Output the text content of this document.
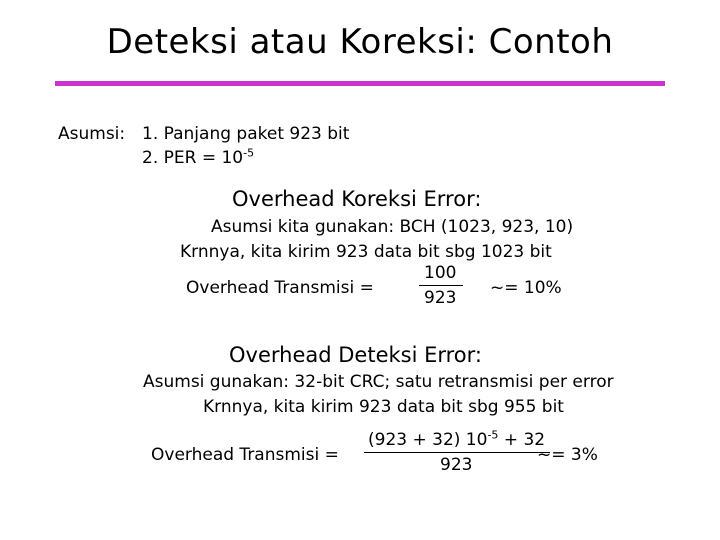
Deteksi atau Koreksi: Contoh
Asumsi: 1. Panjang paket 923 bit
2. PER = $10^{-5}$
Overhead Koreksi Error:
Asumsi kita gunakan: BCH (1023, 923, 10)
Krnnya, kita kirim 923 data bit sbg 1023 bit
Overhead Transmisi =
100
923 ~= 10%
Overhead Deteksi Error:
Asumsi gunakan: 32-bit CRC; satu retransmisi per error
Krnnya, kita kirim 923 data bit sbg 955 bit
Overhead Transmisi =
(923 + 32) $10^{-5} + 32$
923	~= 3%
